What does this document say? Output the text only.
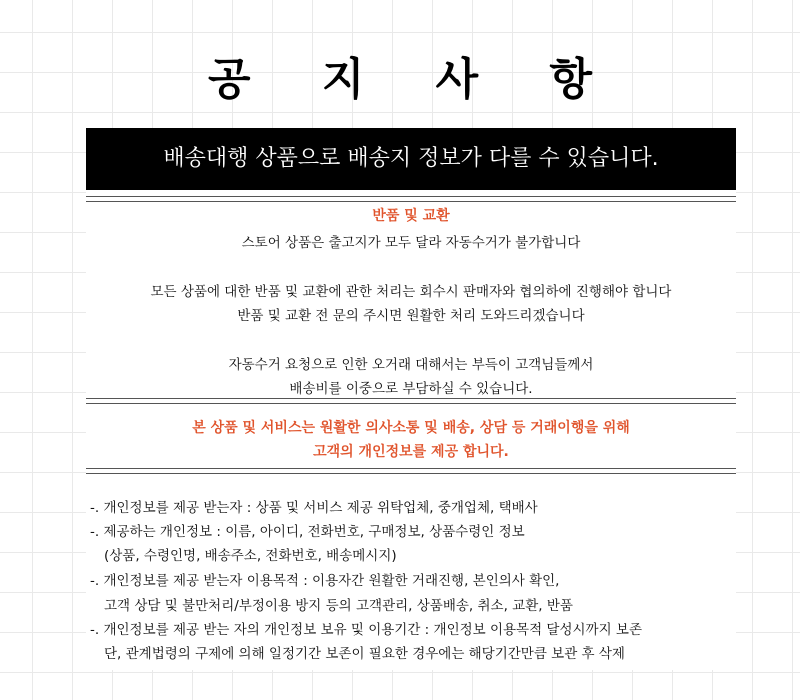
공 지 사 항
배송대행 상품으로 배송지 정보가 다를 수 있습니다.
반품 및 교환
스토어 상품은 출고지가 모두 달라 자동수거가 불가합니다
모든 상품에 대한 반품 및 교환에 관한 처리는 회수시 판매자와 협의하에 진행해야 합니다
반품 및 교환 전 문의 주시면 원활한 처리 도와드리겠습니다
자동수거 요청으로 인한 오거래 대해서는 부득이 고객님들께서
배송비를 이중으로 부담하실 수 있습니다.
본 상품 및 서비스는 원활한 의사소통 및 배송, 상담 등 거래이행을 위해
고객의 개인정보를 제공 합니다.
-. 개인정보를 제공 받는자 : 상품 및 서비스 제공 위탁업체, 중개업체, 택배사
-. 제공하는 개인정보 : 이름, 아이디, 전화번호, 구매정보, 상품수령인 정보
(상품, 수령인명, 배송주소, 전화번호, 배송메시지)
-. 개인정보를 제공 받는자 이용목적 : 이용자간 원활한 거래진행, 본인의사 확인,
고객 상담 및 불만처리/부정이용 방지 등의 고객관리, 상품배송, 취소, 교환, 반품
-. 개인정보를 제공 받는 자의 개인정보 보유 및 이용기간 : 개인정보 이용목적 달성시까지 보존
단, 관계법령의 구제에 의해 일정기간 보존이 필요한 경우에는 해당기간만큼 보관 후 삭제
